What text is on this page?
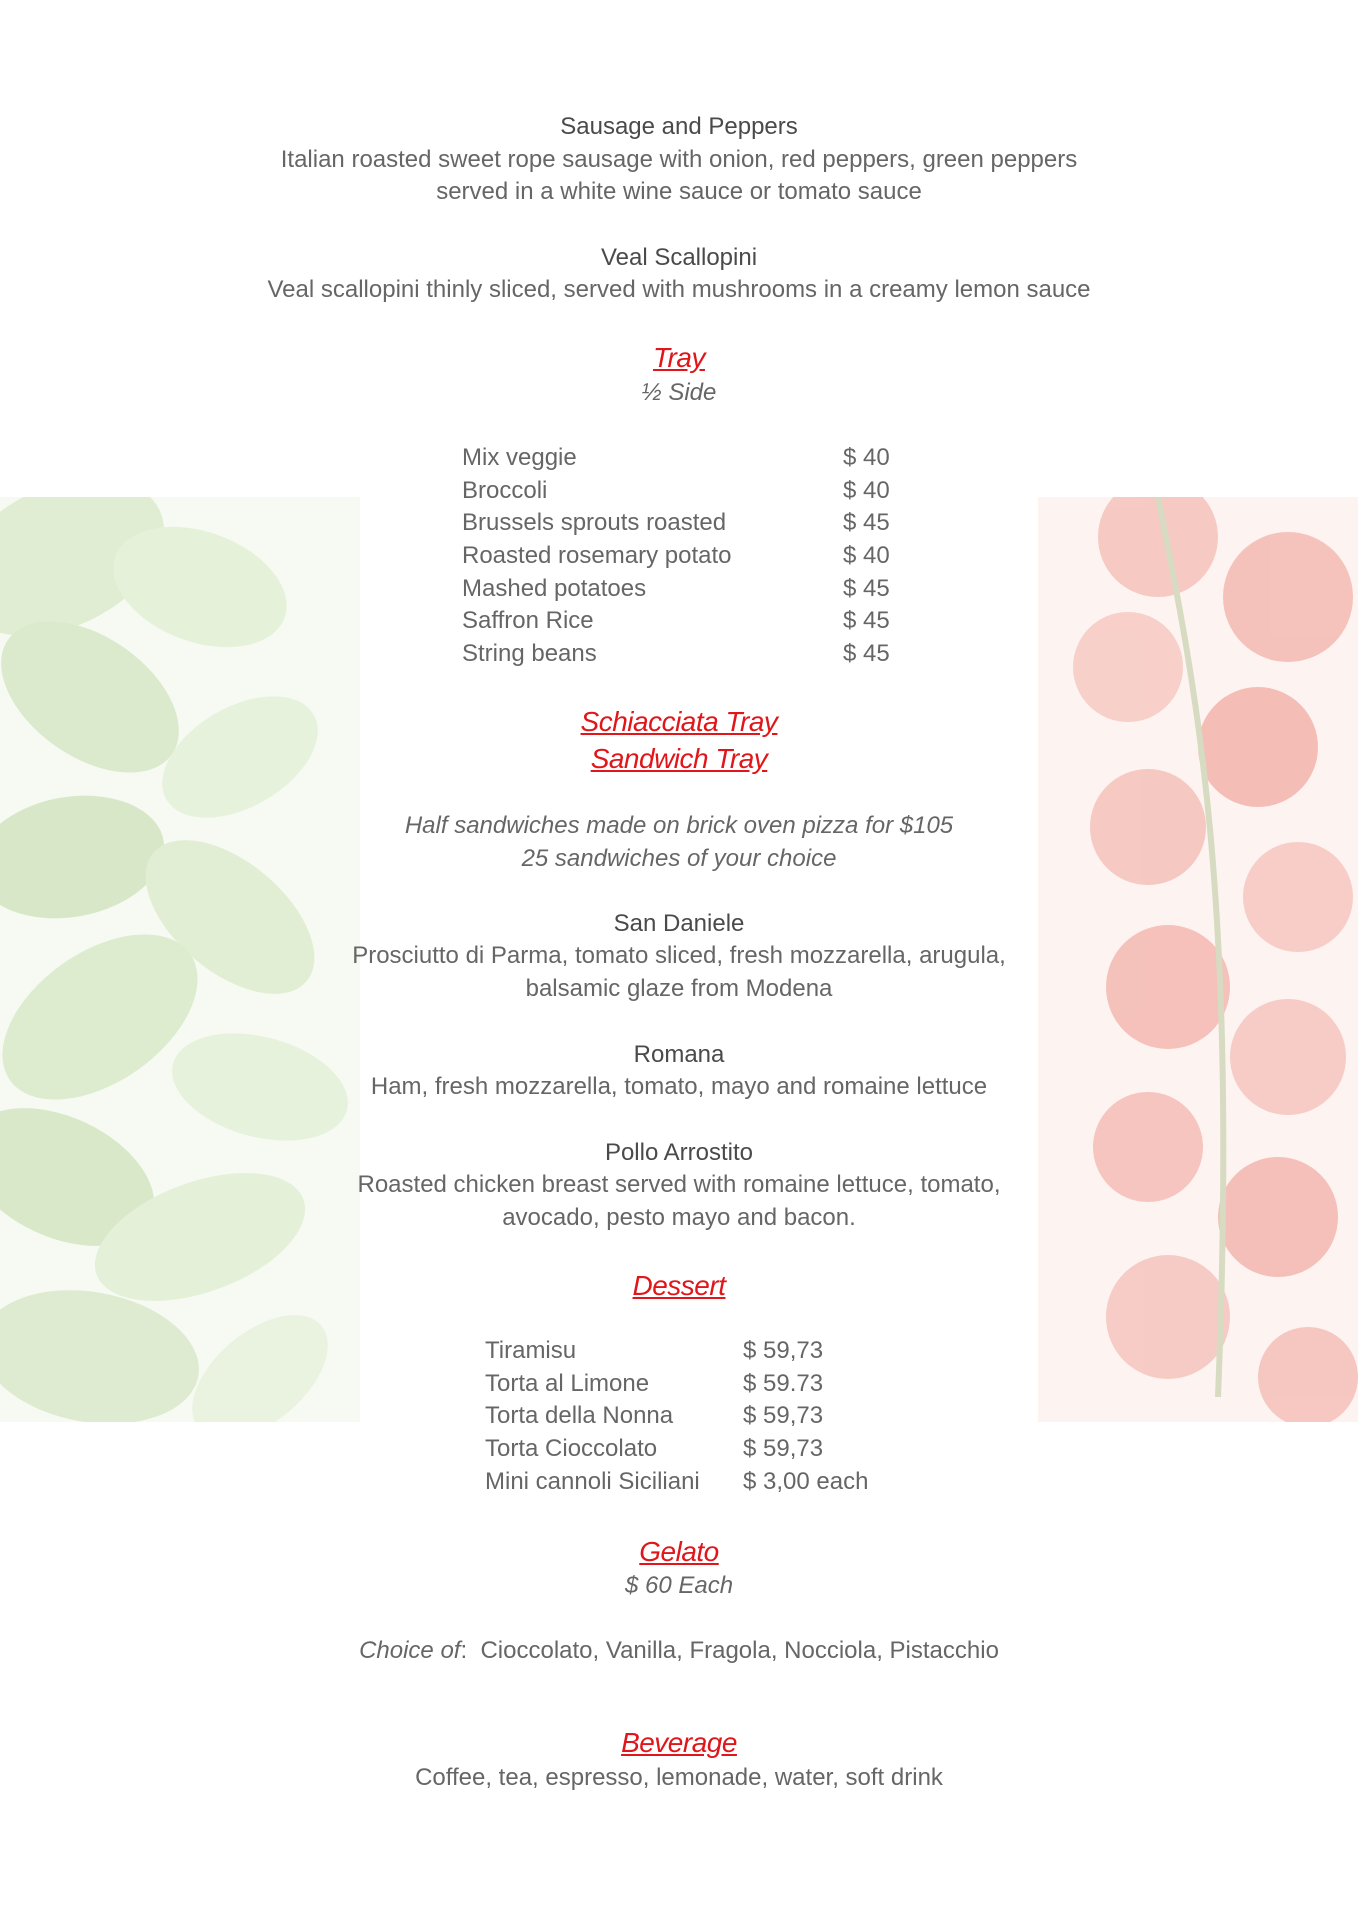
Sausage and Peppers
Italian roasted sweet rope sausage with onion, red peppers, green peppers
served in a white wine sauce or tomato sauce
Veal Scallopini
Veal scallopini thinly sliced, served with mushrooms in a creamy lemon sauce
Tray
½ Side
Mix veggie	$ 40
Broccoli	$ 40
Brussels sprouts roasted	$ 45
Roasted rosemary potato	$ 40
Mashed potatoes	$ 45
Saffron Rice	$ 45
String beans	$ 45
Schiacciata Tray
Sandwich Tray
Half sandwiches made on brick oven pizza for $105
25 sandwiches of your choice
San Daniele
Prosciutto di Parma, tomato sliced, fresh mozzarella, arugula,
balsamic glaze from Modena
Romana
Ham, fresh mozzarella, tomato, mayo and romaine lettuce
Pollo Arrostito
Roasted chicken breast served with romaine lettuce, tomato,
avocado, pesto mayo and bacon.
Dessert
Tiramisu	$ 59,73
Torta al Limone	$ 59.73
Torta della Nonna	$ 59,73
Torta Cioccolato	$ 59,73
Mini cannoli Siciliani $ 3,00 each
Gelato
$ 60 Each
Choice of: Cioccolato, Vanilla, Fragola, Nocciola, Pistacchio
Beverage
Coffee, tea, espresso, lemonade, water, soft drink
